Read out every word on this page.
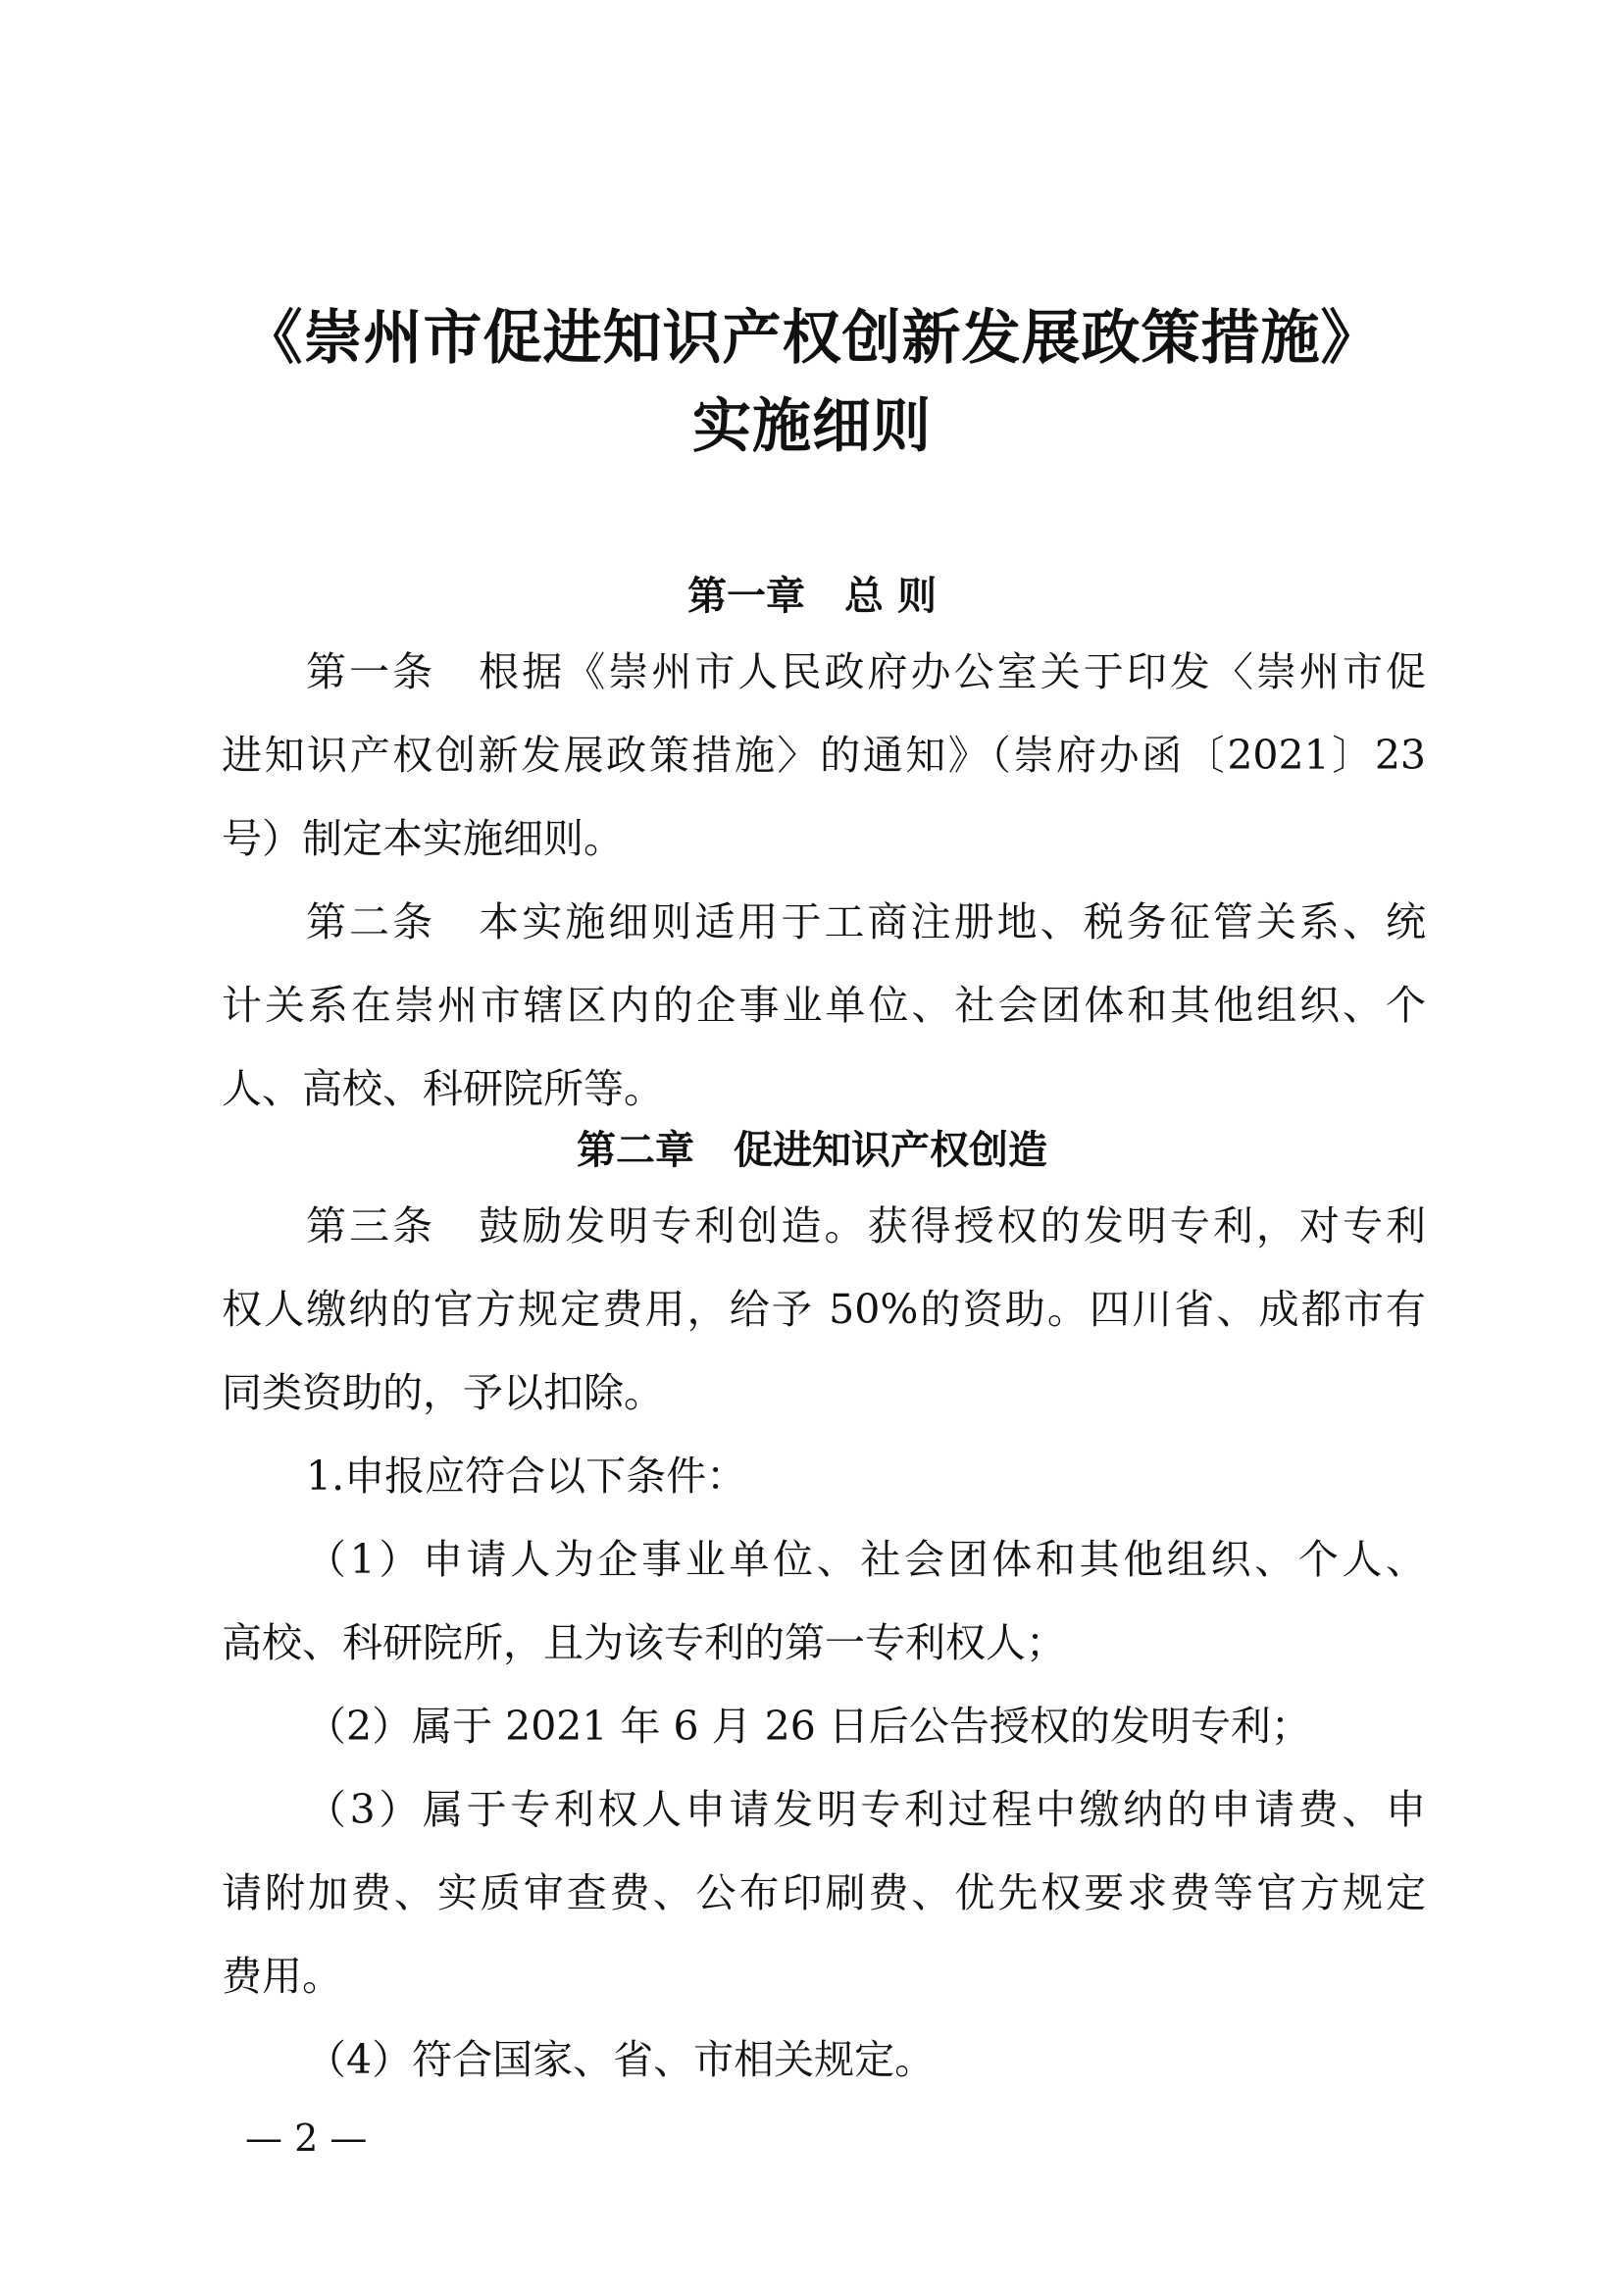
《崇州市促进知识产权创新发展政策措施》
实施细则
第一章　总 则
第一条　根据《崇州市人民政府办公室关于印发〈崇州市促
进知识产权创新发展政策措施〉的通知》（崇府办函〔2021〕23
号）制定本实施细则。
第二条　本实施细则适用于工商注册地、税务征管关系、统
计关系在崇州市辖区内的企事业单位、社会团体和其他组织、个
人、高校、科研院所等。
第二章　促进知识产权创造
第三条　鼓励发明专利创造。获得授权的发明专利，对专利
权人缴纳的官方规定费用，给予 50%的资助。四川省、成都市有
同类资助的，予以扣除。
1.申报应符合以下条件：
（1）申请人为企事业单位、社会团体和其他组织、个人、
高校、科研院所，且为该专利的第一专利权人；
（2）属于 2021 年 6 月 26 日后公告授权的发明专利；
（3）属于专利权人申请发明专利过程中缴纳的申请费、申
请附加费、实质审查费、公布印刷费、优先权要求费等官方规定
费用。
（4）符合国家、省、市相关规定。
— 2 —
